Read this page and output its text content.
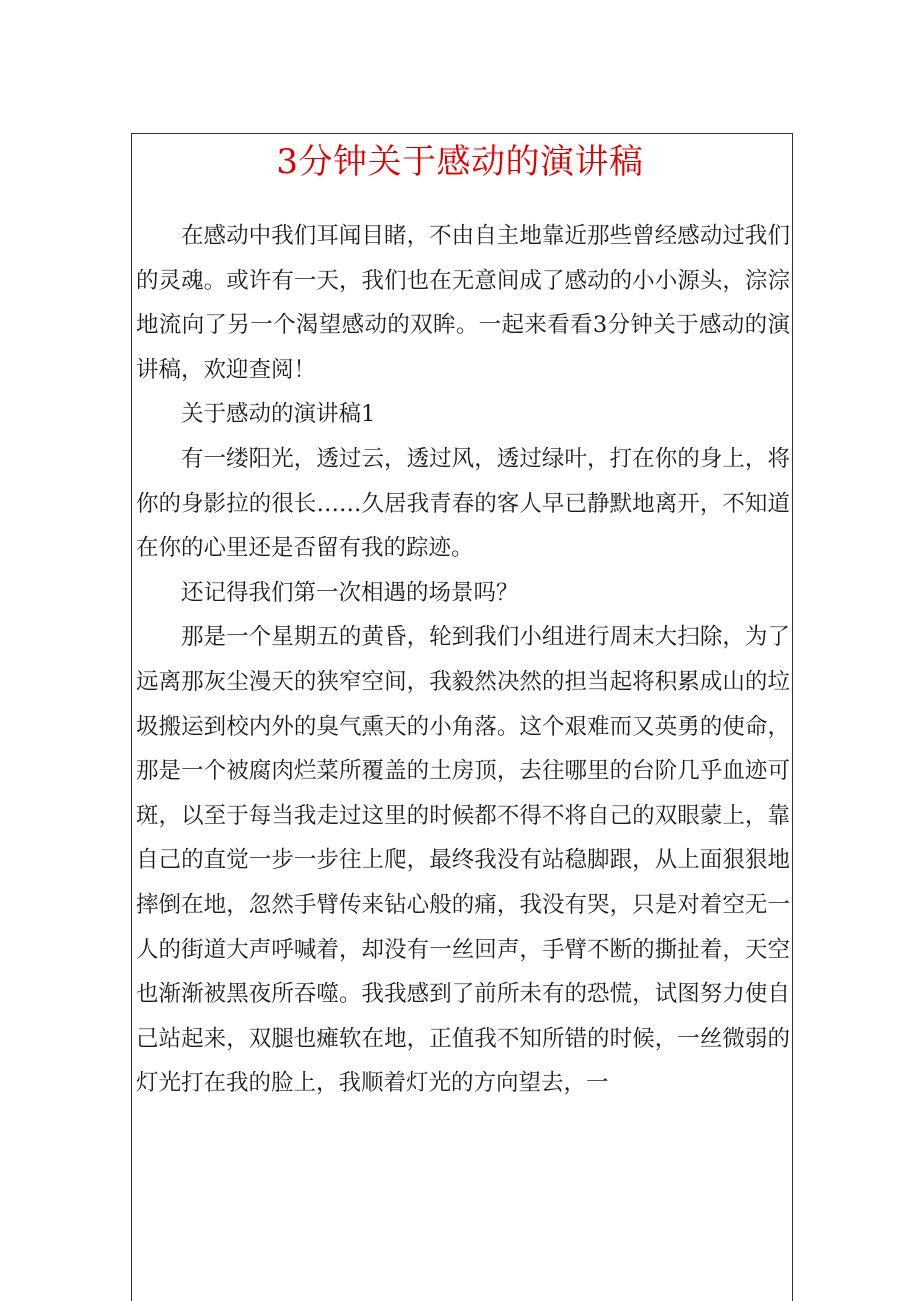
3分钟关于感动的演讲稿

在感动中我们耳闻目睹，不由自主地靠近那些曾经感动过我们的灵魂。或许有一天，我们也在无意间成了感动的小小源头，淙淙地流向了另一个渴望感动的双眸。一起来看看3分钟关于感动的演讲稿，欢迎查阅！

关于感动的演讲稿1

有一缕阳光，透过云，透过风，透过绿叶，打在你的身上，将你的身影拉的很长……久居我青春的客人早已静默地离开，不知道在你的心里还是否留有我的踪迹。

还记得我们第一次相遇的场景吗？

那是一个星期五的黄昏，轮到我们小组进行周末大扫除，为了远离那灰尘漫天的狭窄空间，我毅然决然的担当起将积累成山的垃圾搬运到校内外的臭气熏天的小角落。这个艰难而又英勇的使命，那是一个被腐肉烂菜所覆盖的土房顶，去往哪里的台阶几乎血迹可斑，以至于每当我走过这里的时候都不得不将自己的双眼蒙上，靠自己的直觉一步一步往上爬，最终我没有站稳脚跟，从上面狠狠地摔倒在地，忽然手臂传来钻心般的痛，我没有哭，只是对着空无一人的街道大声呼喊着，却没有一丝回声，手臂不断的撕扯着，天空也渐渐被黑夜所吞噬。我我感到了前所未有的恐慌，试图努力使自己站起来，双腿也瘫软在地，正值我不知所错的时候，一丝微弱的灯光打在我的脸上，我顺着灯光的方向望去，一
